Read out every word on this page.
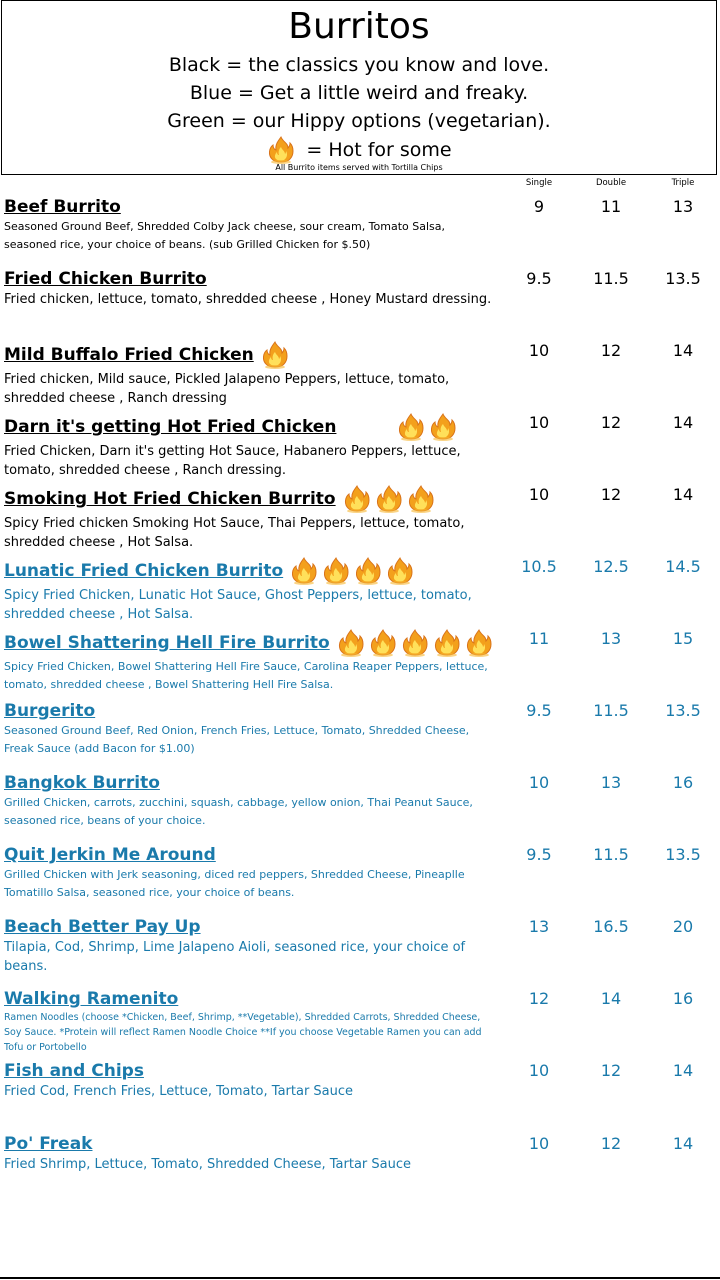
Burritos
Black = the classics you know and love.
Blue = Get a little weird and freaky.
Green = our Hippy options (vegetarian).
= Hot for some
All Burrito items served with Tortilla Chips
Single	Double	Triple
Beef Burrito
Seasoned Ground Beef, Shredded Colby Jack cheese, sour cream, Tomato Salsa, seasoned rice, your choice of beans. (sub Grilled Chicken for $.50)
9	11	13
Fried Chicken Burrito
Fried chicken, lettuce, tomato, shredded cheese , Honey Mustard dressing.
9.5	11.5	13.5
Mild Buffalo Fried Chicken
Fried chicken, Mild sauce, Pickled Jalapeno Peppers, lettuce, tomato, shredded cheese , Ranch dressing
10	12	14
Darn it's getting Hot Fried Chicken
Fried Chicken, Darn it's getting Hot Sauce, Habanero Peppers, lettuce, tomato, shredded cheese , Ranch dressing.
10	12	14
Smoking Hot Fried Chicken Burrito
Spicy Fried chicken Smoking Hot Sauce, Thai Peppers, lettuce, tomato, shredded cheese , Hot Salsa.
10	12	14
Lunatic Fried Chicken Burrito
Spicy Fried Chicken, Lunatic Hot Sauce, Ghost Peppers, lettuce, tomato, shredded cheese , Hot Salsa.
10.5	12.5	14.5
Bowel Shattering Hell Fire Burrito
Spicy Fried Chicken, Bowel Shattering Hell Fire Sauce, Carolina Reaper Peppers, lettuce, tomato, shredded cheese , Bowel Shattering Hell Fire Salsa.
11	13	15
Burgerito
Seasoned Ground Beef, Red Onion, French Fries, Lettuce, Tomato, Shredded Cheese, Freak Sauce (add Bacon for $1.00)
9.5	11.5	13.5
Bangkok Burrito
Grilled Chicken, carrots, zucchini, squash, cabbage, yellow onion, Thai Peanut Sauce, seasoned rice, beans of your choice.
10	13	16
Quit Jerkin Me Around
Grilled Chicken with Jerk seasoning, diced red peppers, Shredded Cheese, Pineaplle Tomatillo Salsa, seasoned rice, your choice of beans.
9.5	11.5	13.5
Beach Better Pay Up
Tilapia, Cod, Shrimp, Lime Jalapeno Aioli, seasoned rice, your choice of beans.
13	16.5	20
Walking Ramenito
Ramen Noodles (choose *Chicken, Beef, Shrimp, **Vegetable), Shredded Carrots, Shredded Cheese, Soy Sauce. *Protein will reflect Ramen Noodle Choice **If you choose Vegetable Ramen you can add Tofu or Portobello
12	14	16
Fish and Chips
Fried Cod, French Fries, Lettuce, Tomato, Tartar Sauce
10	12	14
Po' Freak
Fried Shrimp, Lettuce, Tomato, Shredded Cheese, Tartar Sauce
10	12	14
